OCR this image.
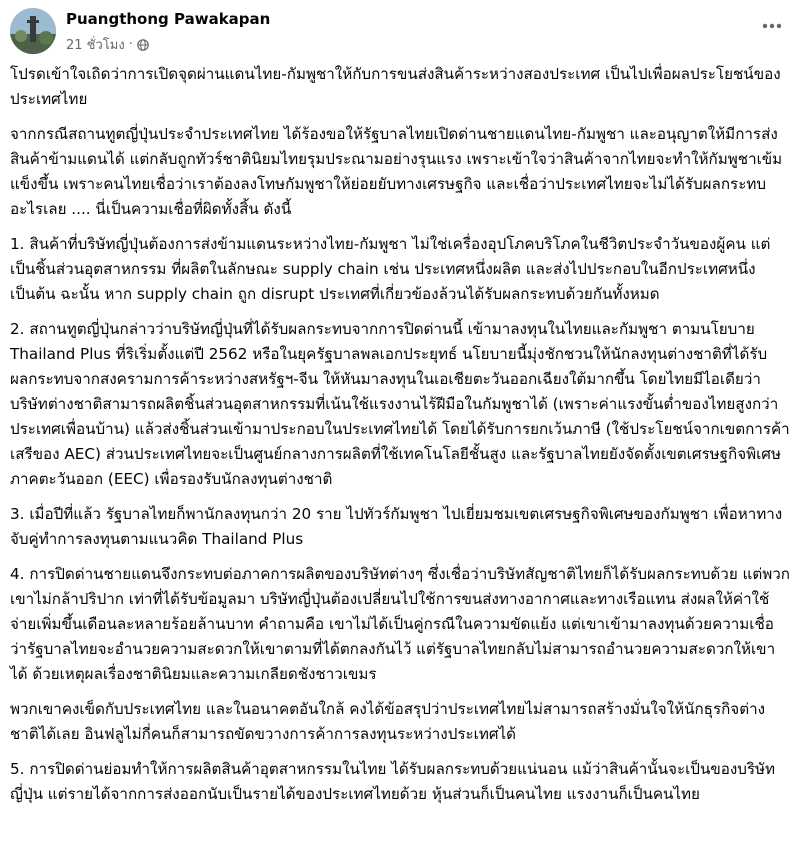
Puangthong Pawakapan
21 ชั่วโมง ·

โปรดเข้าใจเถิดว่าการเปิดจุดผ่านแดนไทย-กัมพูชาให้กับการขนส่งสินค้าระหว่างสองประเทศ เป็นไปเพื่อผลประโยชน์ของประเทศไทย

จากกรณีสถานทูตญี่ปุ่นประจำประเทศไทย ได้ร้องขอให้รัฐบาลไทยเปิดด่านชายแดนไทย-กัมพูชา และอนุญาตให้มีการส่งสินค้าข้ามแดนได้ แต่กลับถูกทัวร์ชาตินิยมไทยรุมประณามอย่างรุนแรง เพราะเข้าใจว่าสินค้าจากไทยจะทำให้กัมพูชาเข้มแข็งขึ้น เพราะคนไทยเชื่อว่าเราต้องลงโทษกัมพูชาให้ย่อยยับทางเศรษฐกิจ และเชื่อว่าประเทศไทยจะไม่ได้รับผลกระทบอะไรเลย .... นี่เป็นความเชื่อที่ผิดทั้งสิ้น ดังนี้

1. สินค้าที่บริษัทญี่ปุ่นต้องการส่งข้ามแดนระหว่างไทย-กัมพูชา ไม่ใช่เครื่องอุปโภคบริโภคในชีวิตประจำวันของผู้คน แต่เป็นชิ้นส่วนอุตสาหกรรม ที่ผลิตในลักษณะ supply chain เช่น ประเทศหนึ่งผลิต และส่งไปประกอบในอีกประเทศหนึ่ง เป็นต้น ฉะนั้น หาก supply chain ถูก disrupt ประเทศที่เกี่ยวข้องล้วนได้รับผลกระทบด้วยกันทั้งหมด

2. สถานทูตญี่ปุ่นกล่าวว่าบริษัทญี่ปุ่นที่ได้รับผลกระทบจากการปิดด่านนี้ เข้ามาลงทุนในไทยและกัมพูชา ตามนโยบาย Thailand Plus ที่ริเริ่มตั้งแต่ปี 2562 หรือในยุครัฐบาลพลเอกประยุทธ์ นโยบายนี้มุ่งชักชวนให้นักลงทุนต่างชาติที่ได้รับผลกระทบจากสงครามการค้าระหว่างสหรัฐฯ-จีน ให้หันมาลงทุนในเอเชียตะวันออกเฉียงใต้มากขึ้น โดยไทยมีไอเดียว่า บริษัทต่างชาติสามารถผลิตชิ้นส่วนอุตสาหกรรมที่เน้นใช้แรงงานไร้ฝีมือในกัมพูชาได้ (เพราะค่าแรงขั้นต่ำของไทยสูงกว่าประเทศเพื่อนบ้าน) แล้วส่งชิ้นส่วนเข้ามาประกอบในประเทศไทยได้ โดยได้รับการยกเว้นภาษี (ใช้ประโยชน์จากเขตการค้าเสรีของ AEC) ส่วนประเทศไทยจะเป็นศูนย์กลางการผลิตที่ใช้เทคโนโลยีชั้นสูง และรัฐบาลไทยยังจัดตั้งเขตเศรษฐกิจพิเศษภาคตะวันออก (EEC) เพื่อรองรับนักลงทุนต่างชาติ

3. เมื่อปีที่แล้ว รัฐบาลไทยก็พานักลงทุนกว่า 20 ราย ไปทัวร์กัมพูชา ไปเยี่ยมชมเขตเศรษฐกิจพิเศษของกัมพูชา เพื่อหาทางจับคู่ทำการลงทุนตามแนวคิด Thailand Plus

4. การปิดด่านชายแดนจึงกระทบต่อภาคการผลิตของบริษัทต่างๆ ซึ่งเชื่อว่าบริษัทสัญชาติไทยก็ได้รับผลกระทบด้วย แต่พวกเขาไม่กล้าปริปาก เท่าที่ได้รับข้อมูลมา บริษัทญี่ปุ่นต้องเปลี่ยนไปใช้การขนส่งทางอากาศและทางเรือแทน ส่งผลให้ค่าใช้จ่ายเพิ่มขึ้นเดือนละหลายร้อยล้านบาท คำถามคือ เขาไม่ได้เป็นคู่กรณีในความขัดแย้ง แต่เขาเข้ามาลงทุนด้วยความเชื่อว่ารัฐบาลไทยจะอำนวยความสะดวกให้เขาตามที่ได้ตกลงกันไว้ แต่รัฐบาลไทยกลับไม่สามารถอำนวยความสะดวกให้เขาได้ ด้วยเหตุผลเรื่องชาตินิยมและความเกลียดชังชาวเขมร

พวกเขาคงเข็ดกับประเทศไทย และในอนาคตอันใกล้ คงได้ข้อสรุปว่าประเทศไทยไม่สามารถสร้างมั่นใจให้นักธุรกิจต่างชาติได้เลย อินฟลูไม่กี่คนก็สามารถขัดขวางการค้าการลงทุนระหว่างประเทศได้

5. การปิดด่านย่อมทำให้การผลิตสินค้าอุตสาหกรรมในไทย ได้รับผลกระทบด้วยแน่นอน แม้ว่าสินค้านั้นจะเป็นของบริษัทญี่ปุ่น แต่รายได้จากการส่งออกนับเป็นรายได้ของประเทศไทยด้วย หุ้นส่วนก็เป็นคนไทย แรงงานก็เป็นคนไทย
